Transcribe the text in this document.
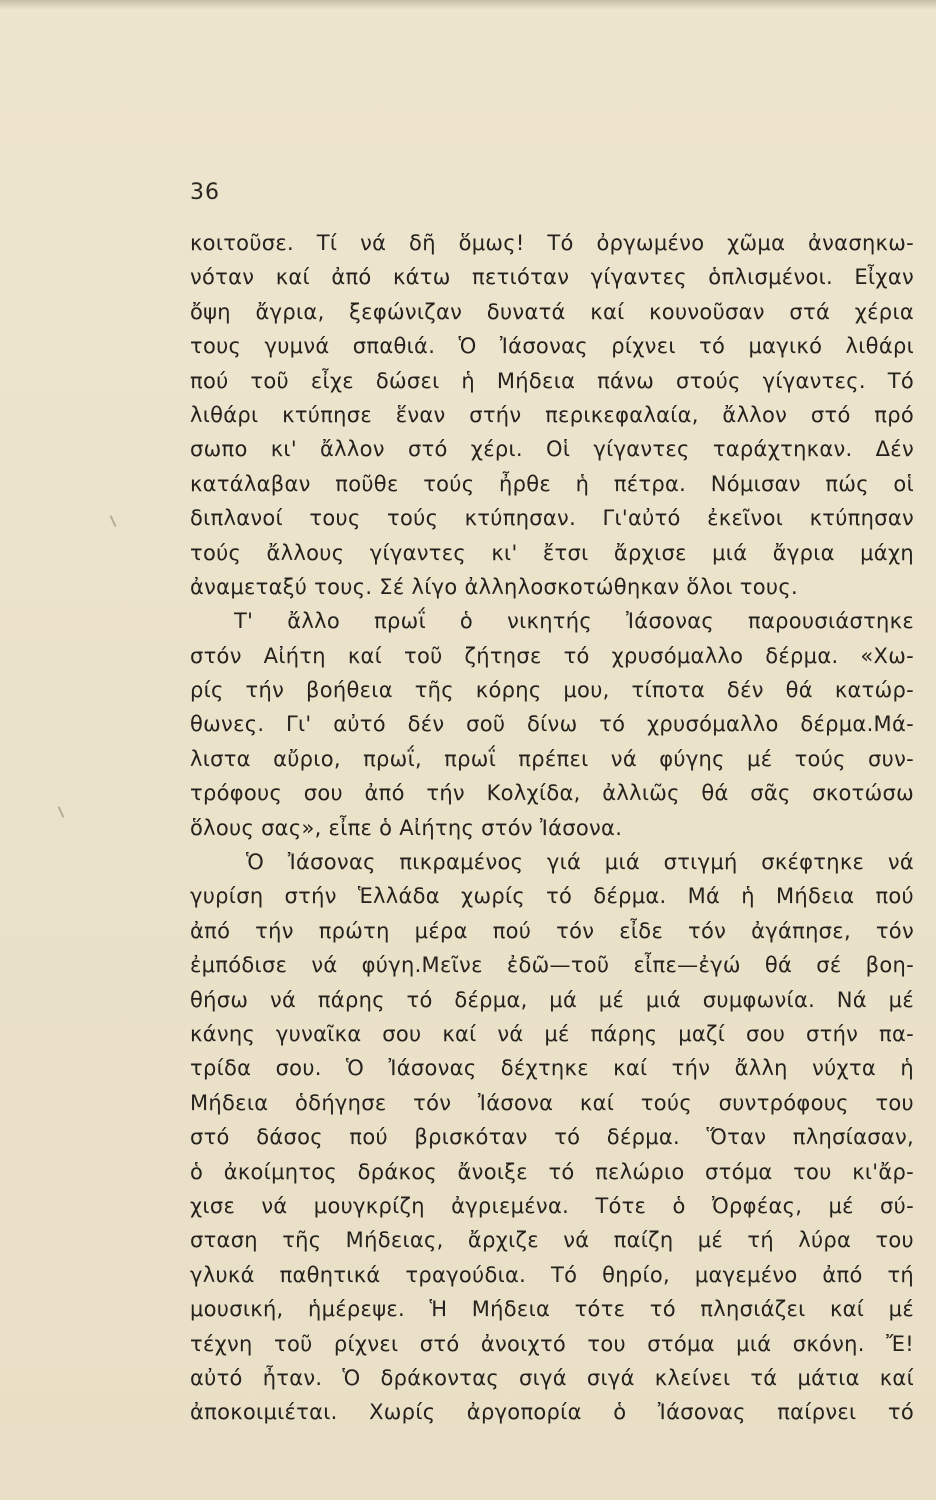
36
κοιτοῦσε. Τί νά δῆ ὅμως! Τό ὀργωμένο χῶμα ἀνασηκω-
νόταν καί ἀπό κάτω πετιόταν γίγαντες ὁπλισμένοι. Εἶχαν
ὄψη ἄγρια, ξεφώνιζαν δυνατά καί κουνοῦσαν στά χέρια
τους γυμνά σπαθιά. Ὁ Ἰάσονας ρίχνει τό μαγικό λιθάρι
πού τοῦ εἶχε δώσει ἡ Μήδεια πάνω στούς γίγαντες. Τό
λιθάρι κτύπησε ἕναν στήν περικεφαλαία, ἄλλον στό πρό
σωπο κι' ἄλλον στό χέρι. Οἱ γίγαντες ταράχτηκαν. Δέν
κατάλαβαν ποῦθε τούς ἦρθε ἡ πέτρα. Νόμισαν πώς οἱ
διπλανοί τους τούς κτύπησαν. Γι'αὐτό ἐκεῖνοι κτύπησαν
τούς ἄλλους γίγαντες κι' ἔτσι ἄρχισε μιά ἄγρια μάχη
ἀναμεταξύ τους. Σέ λίγο ἀλληλοσκοτώθηκαν ὅλοι τους.
Τ' ἄλλο πρωΐ ὁ νικητής Ἰάσονας παρουσιάστηκε
στόν Αἰήτη καί τοῦ ζήτησε τό χρυσόμαλλο δέρμα. «Χω-
ρίς τήν βοήθεια τῆς κόρης μου, τίποτα δέν θά κατώρ-
θωνες. Γι' αὐτό δέν σοῦ δίνω τό χρυσόμαλλο δέρμα.Μά-
λιστα αὔριο, πρωΐ, πρωΐ πρέπει νά φύγης μέ τούς συν-
τρόφους σου ἀπό τήν Κολχίδα, ἀλλιῶς θά σᾶς σκοτώσω
ὅλους σας», εἶπε ὁ Αἰήτης στόν Ἰάσονα.
Ὁ Ἰάσονας πικραμένος γιά μιά στιγμή σκέφτηκε νά
γυρίση στήν Ἑλλάδα χωρίς τό δέρμα. Μά ἡ Μήδεια πού
ἀπό τήν πρώτη μέρα πού τόν εἶδε τόν ἀγάπησε, τόν
ἐμπόδισε νά φύγη.Μεῖνε ἐδῶ—τοῦ εἶπε—ἐγώ θά σέ βοη-
θήσω νά πάρης τό δέρμα, μά μέ μιά συμφωνία. Νά μέ
κάνης γυναῖκα σου καί νά μέ πάρης μαζί σου στήν πα-
τρίδα σου. Ὁ Ἰάσονας δέχτηκε καί τήν ἄλλη νύχτα ἡ
Μήδεια ὁδήγησε τόν Ἰάσονα καί τούς συντρόφους του
στό δάσος πού βρισκόταν τό δέρμα. Ὅταν πλησίασαν,
ὁ ἀκοίμητος δράκος ἄνοιξε τό πελώριο στόμα του κι'ἄρ-
χισε νά μουγκρίζη ἀγριεμένα. Τότε ὁ Ὀρφέας, μέ σύ-
σταση τῆς Μήδειας, ἄρχιζε νά παίζη μέ τή λύρα του
γλυκά παθητικά τραγούδια. Τό θηρίο, μαγεμένο ἀπό τή
μουσική, ἡμέρεψε. Ἡ Μήδεια τότε τό πλησιάζει καί μέ
τέχνη τοῦ ρίχνει στό ἀνοιχτό του στόμα μιά σκόνη. Ἔ!
αὐτό ἦταν. Ὁ δράκοντας σιγά σιγά κλείνει τά μάτια καί
ἀποκοιμιέται. Χωρίς ἀργοπορία ὁ Ἰάσονας παίρνει τό
